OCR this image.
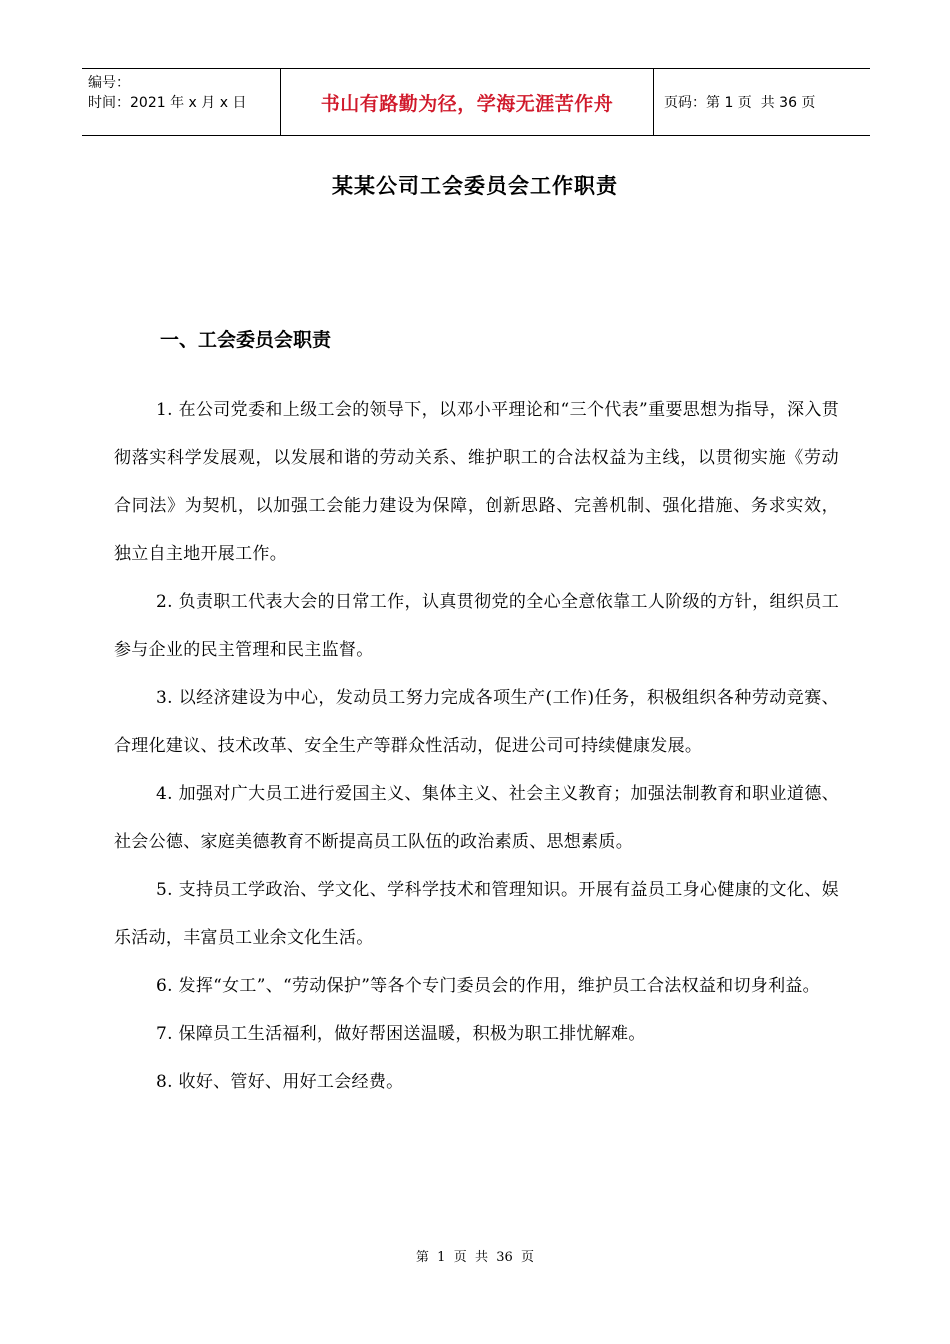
编号：
时间：2021 年 x 月 x 日	书山有路勤为径，学海无涯苦作舟	页码：第 1 页  共 36 页
某某公司工会委员会工作职责
一、工会委员会职责

1. 在公司党委和上级工会的领导下，以邓小平理论和“三个代表”重要思想为指导，深入贯彻落实科学发展观，以发展和谐的劳动关系、维护职工的合法权益为主线，以贯彻实施《劳动合同法》为契机，以加强工会能力建设为保障，创新思路、完善机制、强化措施、务求实效，独立自主地开展工作。

2. 负责职工代表大会的日常工作，认真贯彻党的全心全意依靠工人阶级的方针，组织员工参与企业的民主管理和民主监督。

3. 以经济建设为中心，发动员工努力完成各项生产(工作)任务，积极组织各种劳动竞赛、合理化建议、技术改革、安全生产等群众性活动，促进公司可持续健康发展。

4. 加强对广大员工进行爱国主义、集体主义、社会主义教育；加强法制教育和职业道德、社会公德、家庭美德教育不断提高员工队伍的政治素质、思想素质。

5. 支持员工学政治、学文化、学科学技术和管理知识。开展有益员工身心健康的文化、娱乐活动，丰富员工业余文化生活。

6. 发挥“女工”、“劳动保护”等各个专门委员会的作用，维护员工合法权益和切身利益。

7. 保障员工生活福利，做好帮困送温暖，积极为职工排忧解难。

8. 收好、管好、用好工会经费。

第  1  页  共  36  页
